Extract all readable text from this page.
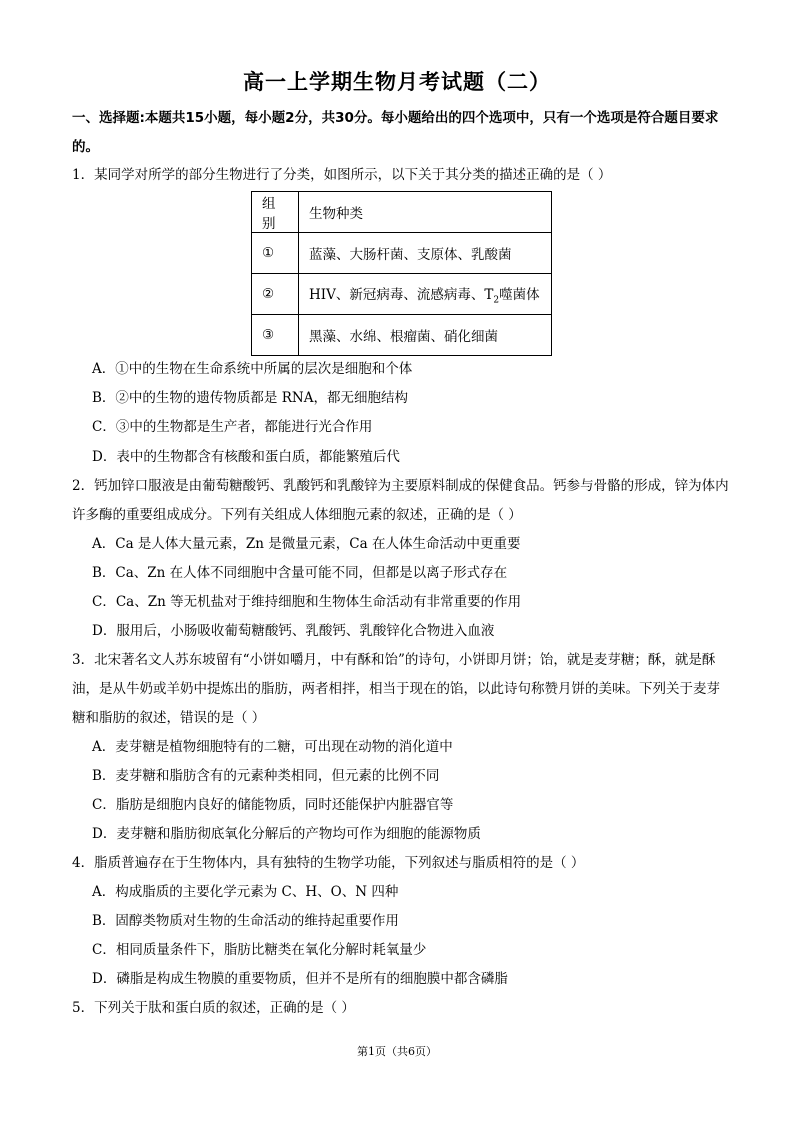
高一上学期生物月考试题（二）
一、选择题:本题共15小题，每小题2分，共30分。每小题给出的四个选项中，只有一个选项是符合题目要求的。
1．某同学对所学的部分生物进行了分类，如图所示，以下关于其分类的描述正确的是（ ）
组别	生物种类
①	蓝藻、大肠杆菌、支原体、乳酸菌
②	HIV、新冠病毒、流感病毒、$T_2$噬菌体
③	黑藻、水绵、根瘤菌、硝化细菌
A．①中的生物在生命系统中所属的层次是细胞和个体
B．②中的生物的遗传物质都是 RNA，都无细胞结构
C．③中的生物都是生产者，都能进行光合作用
D．表中的生物都含有核酸和蛋白质，都能繁殖后代
2．钙加锌口服液是由葡萄糖酸钙、乳酸钙和乳酸锌为主要原料制成的保健食品。钙参与骨骼的形成，锌为体内许多酶的重要组成成分。下列有关组成人体细胞元素的叙述，正确的是（ ）
A．Ca 是人体大量元素，Zn 是微量元素，Ca 在人体生命活动中更重要
B．Ca、Zn 在人体不同细胞中含量可能不同，但都是以离子形式存在
C．Ca、Zn 等无机盐对于维持细胞和生物体生命活动有非常重要的作用
D．服用后，小肠吸收葡萄糖酸钙、乳酸钙、乳酸锌化合物进入血液
3．北宋著名文人苏东坡留有“小饼如嚼月，中有酥和饴”的诗句，小饼即月饼；饴，就是麦芽糖；酥，就是酥油，是从牛奶或羊奶中提炼出的脂肪，两者相拌，相当于现在的馅，以此诗句称赞月饼的美味。下列关于麦芽糖和脂肪的叙述，错误的是（ ）
A．麦芽糖是植物细胞特有的二糖，可出现在动物的消化道中
B．麦芽糖和脂肪含有的元素种类相同，但元素的比例不同
C．脂肪是细胞内良好的储能物质，同时还能保护内脏器官等
D．麦芽糖和脂肪彻底氧化分解后的产物均可作为细胞的能源物质
4．脂质普遍存在于生物体内，具有独特的生物学功能，下列叙述与脂质相符的是（ ）
A．构成脂质的主要化学元素为 C、H、O、N 四种
B．固醇类物质对生物的生命活动的维持起重要作用
C．相同质量条件下，脂肪比糖类在氧化分解时耗氧量少
D．磷脂是构成生物膜的重要物质，但并不是所有的细胞膜中都含磷脂
5．下列关于肽和蛋白质的叙述，正确的是（ ）
第1页（共6页）
